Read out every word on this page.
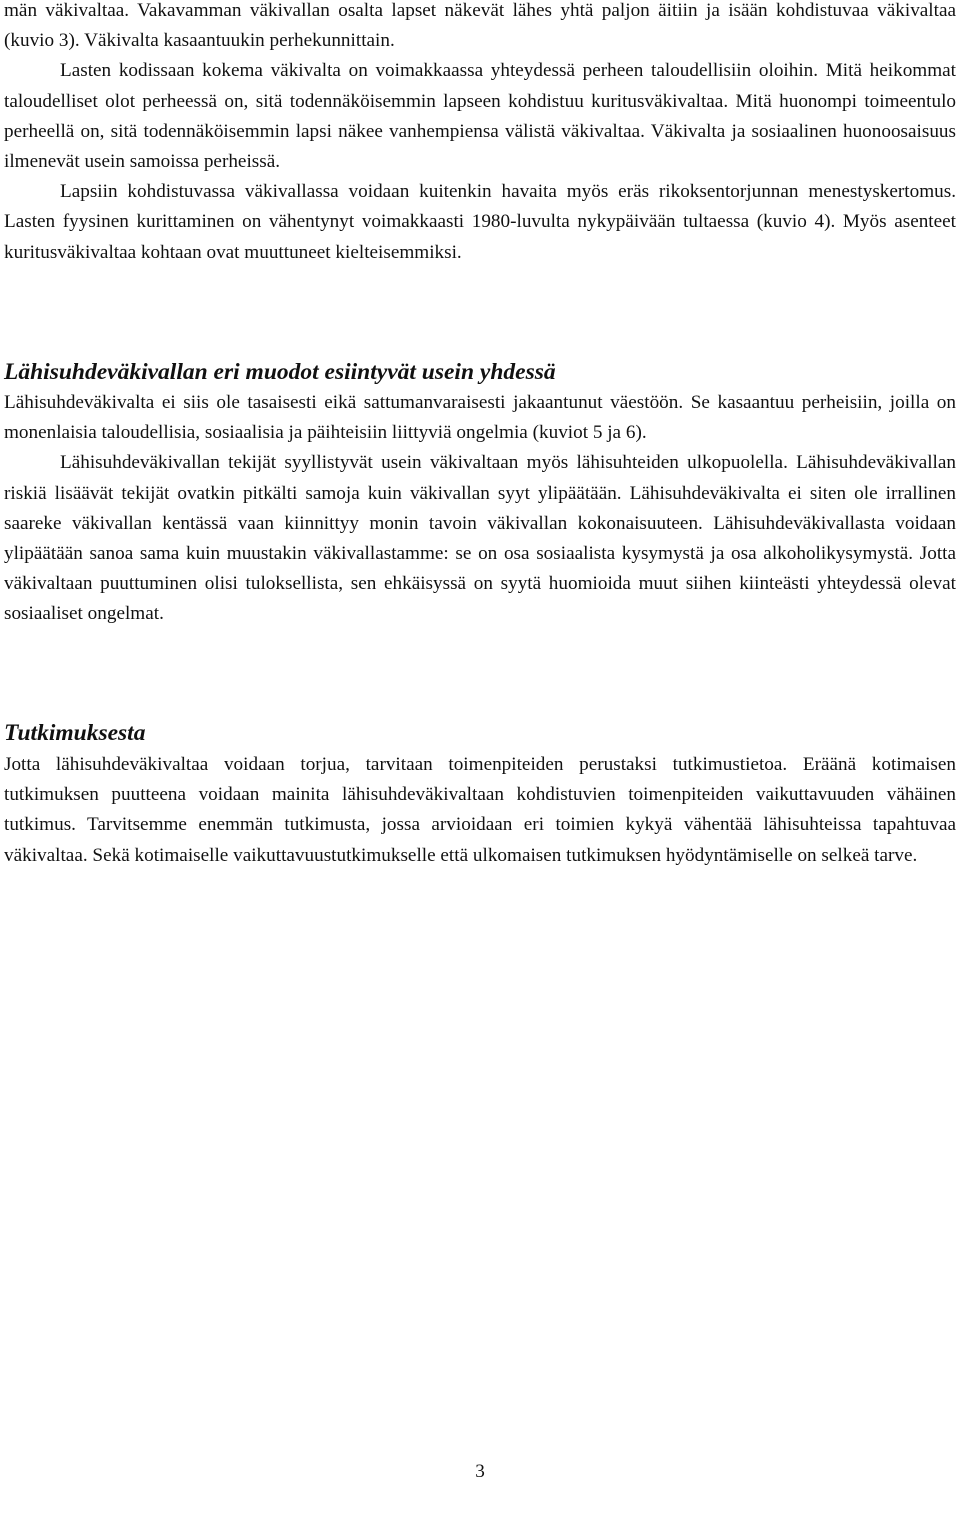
män väkivaltaa. Vakavamman väkivallan osalta lapset näkevät lähes yhtä paljon äitiin ja isään kohdistuvaa väkivaltaa (kuvio 3). Väkivalta kasaantuukin perhekunnittain.

Lasten kodissaan kokema väkivalta on voimakkaassa yhteydessä perheen taloudellisiin oloihin. Mitä heikommat taloudelliset olot perheessä on, sitä todennäköisemmin lapseen kohdistuu kuritusväkivaltaa. Mitä huonompi toimeentulo perheellä on, sitä todennäköisemmin lapsi näkee vanhempiensa välistä väkivaltaa. Väkivalta ja sosiaalinen huonoosaisuus ilmenevät usein samoissa perheissä.

Lapsiin kohdistuvassa väkivallassa voidaan kuitenkin havaita myös eräs rikoksentorjunnan menestyskertomus. Lasten fyysinen kurittaminen on vähentynyt voimakkaasti 1980-luvulta nykypäivään tultaessa (kuvio 4). Myös asenteet kuritusväkivaltaa kohtaan ovat muuttuneet kielteisemmiksi.

Lähisuhdeväkivallan eri muodot esiintyvät usein yhdessä

Lähisuhdeväkivalta ei siis ole tasaisesti eikä sattumanvaraisesti jakaantunut väestöön. Se kasaantuu perheisiin, joilla on monenlaisia taloudellisia, sosiaalisia ja päihteisiin liittyviä ongelmia (kuviot 5 ja 6).

Lähisuhdeväkivallan tekijät syyllistyvät usein väkivaltaan myös lähisuhteiden ulkopuolella. Lähisuhdeväkivallan riskiä lisäävät tekijät ovatkin pitkälti samoja kuin väkivallan syyt ylipäätään. Lähisuhdeväkivalta ei siten ole irrallinen saareke väkivallan kentässä vaan kiinnittyy monin tavoin väkivallan kokonaisuuteen. Lähisuhdeväkivallasta voidaan ylipäätään sanoa sama kuin muustakin väkivallastamme: se on osa sosiaalista kysymystä ja osa alkoholikysymystä. Jotta väkivaltaan puuttuminen olisi tuloksellista, sen ehkäisyssä on syytä huomioida muut siihen kiinteästi yhteydessä olevat sosiaaliset ongelmat.

Tutkimuksesta

Jotta lähisuhdeväkivaltaa voidaan torjua, tarvitaan toimenpiteiden perustaksi tutkimustietoa. Eräänä kotimaisen tutkimuksen puutteena voidaan mainita lähisuhdeväkivaltaan kohdistuvien toimenpiteiden vaikuttavuuden vähäinen tutkimus. Tarvitsemme enemmän tutkimusta, jossa arvioidaan eri toimien kykyä vähentää lähisuhteissa tapahtuvaa väkivaltaa. Sekä kotimaiselle vaikuttavuustutkimukselle että ulkomaisen tutkimuksen hyödyntämiselle on selkeä tarve.

3
